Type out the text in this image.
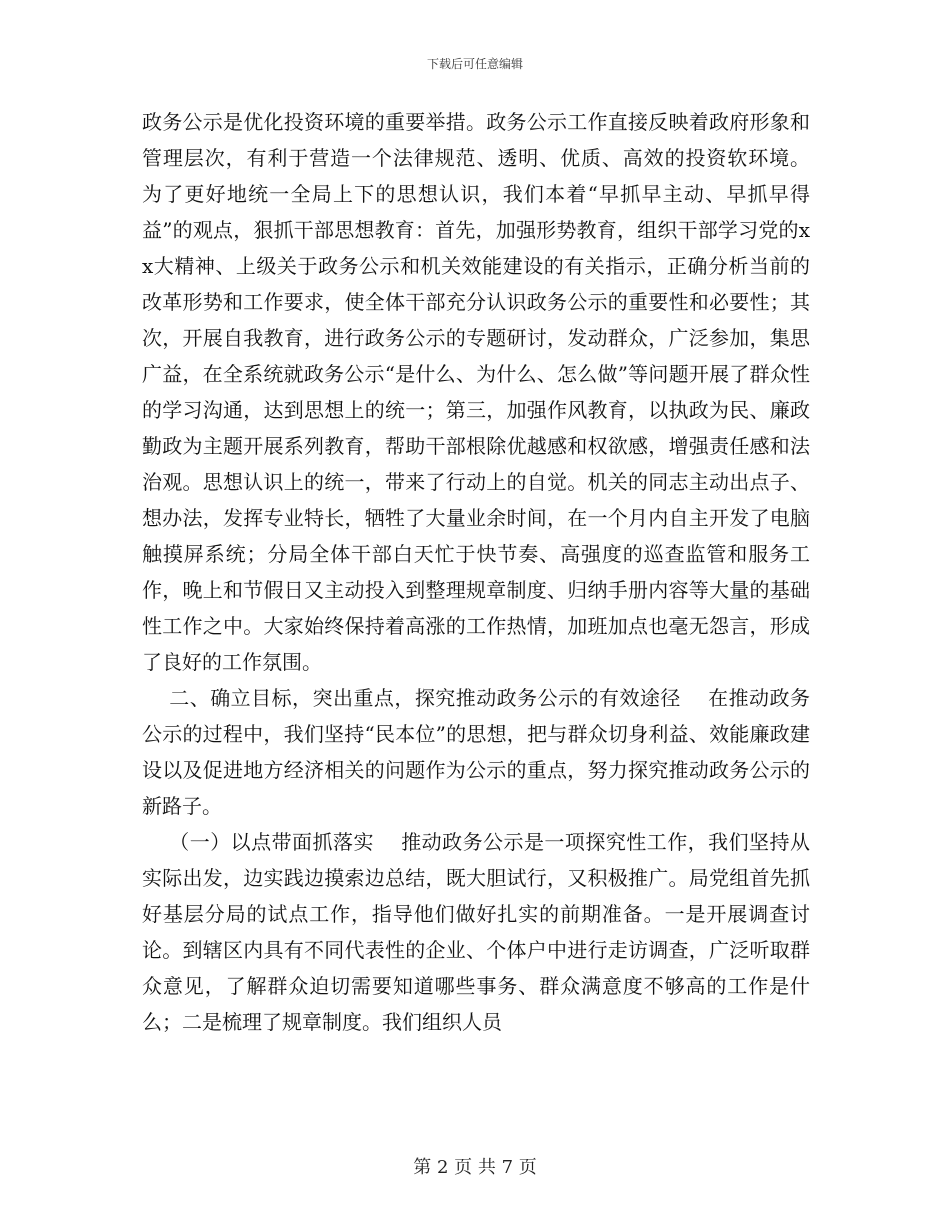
下载后可任意编辑

政务公示是优化投资环境的重要举措。政务公示工作直接反映着政府形象和管理层次，有利于营造一个法律规范、透明、优质、高效的投资软环境。    为了更好地统一全局上下的思想认识，我们本着“早抓早主动、早抓早得益”的观点，狠抓干部思想教育：首先，加强形势教育，组织干部学习党的xx大精神、上级关于政务公示和机关效能建设的有关指示，正确分析当前的改革形势和工作要求，使全体干部充分认识政务公示的重要性和必要性；其次，开展自我教育，进行政务公示的专题研讨，发动群众，广泛参加，集思广益，在全系统就政务公示“是什么、为什么、怎么做”等问题开展了群众性的学习沟通，达到思想上的统一；第三，加强作风教育，以执政为民、廉政勤政为主题开展系列教育，帮助干部根除优越感和权欲感，增强责任感和法治观。思想认识上的统一，带来了行动上的自觉。机关的同志主动出点子、想办法，发挥专业特长，牺牲了大量业余时间，在一个月内自主开发了电脑触摸屏系统；分局全体干部白天忙于快节奏、高强度的巡查监管和服务工作，晚上和节假日又主动投入到整理规章制度、归纳手册内容等大量的基础性工作之中。大家始终保持着高涨的工作热情，加班加点也毫无怨言，形成了良好的工作氛围。

二、确立目标，突出重点，探究推动政务公示的有效途径    在推动政务公示的过程中，我们坚持“民本位”的思想，把与群众切身利益、效能廉政建设以及促进地方经济相关的问题作为公示的重点，努力探究推动政务公示的新路子。

（一）以点带面抓落实    推动政务公示是一项探究性工作，我们坚持从实际出发，边实践边摸索边总结，既大胆试行，又积极推广。局党组首先抓好基层分局的试点工作，指导他们做好扎实的前期准备。一是开展调查讨论。到辖区内具有不同代表性的企业、个体户中进行走访调查，广泛听取群众意见，了解群众迫切需要知道哪些事务、群众满意度不够高的工作是什么；二是梳理了规章制度。我们组织人员

第 2 页 共 7 页
